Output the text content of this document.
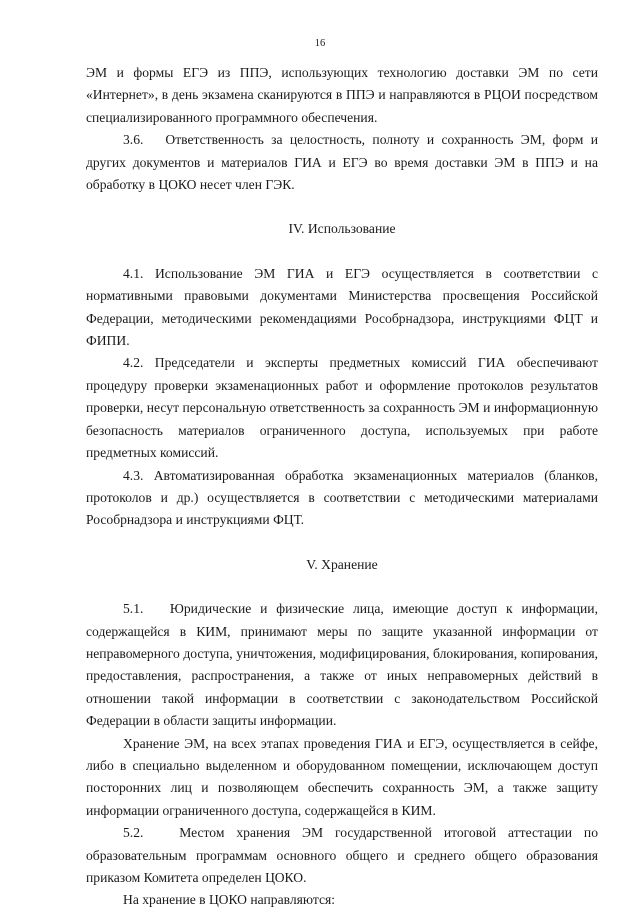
16

ЭМ и формы ЕГЭ из ППЭ, использующих технологию доставки ЭМ по сети «Интернет», в день экзамена сканируются в ППЭ и направляются в РЦОИ посредством специализированного программного обеспечения.

3.6.   Ответственность за целостность, полноту и сохранность ЭМ, форм и других документов и материалов ГИА и ЕГЭ во время доставки ЭМ в ППЭ и на обработку в ЦОКО несет член ГЭК.

IV. Использование

4.1. Использование ЭМ ГИА и ЕГЭ осуществляется в соответствии с нормативными правовыми документами Министерства просвещения Российской Федерации, методическими рекомендациями Рособрнадзора, инструкциями ФЦТ и ФИПИ.

4.2. Председатели и эксперты предметных комиссий ГИА обеспечивают процедуру проверки экзаменационных работ и оформление протоколов результатов проверки, несут персональную ответственность за сохранность ЭМ и информационную безопасность материалов ограниченного доступа, используемых при работе предметных комиссий.

4.3. Автоматизированная обработка экзаменационных материалов (бланков, протоколов и др.) осуществляется в соответствии с методическими материалами Рособрнадзора и инструкциями ФЦТ.

V. Хранение

5.1.   Юридические и физические лица, имеющие доступ к информации, содержащейся в КИМ, принимают меры по защите указанной информации от неправомерного доступа, уничтожения, модифицирования, блокирования, копирования, предоставления, распространения, а также от иных неправомерных действий в отношении такой информации в соответствии с законодательством Российской Федерации в области защиты информации.

Хранение ЭМ, на всех этапах проведения ГИА и ЕГЭ, осуществляется в сейфе, либо в специально выделенном и оборудованном помещении, исключающем доступ посторонних лиц и позволяющем обеспечить сохранность ЭМ, а также защиту информации ограниченного доступа, содержащейся в КИМ.

5.2.   Местом хранения ЭМ государственной итоговой аттестации по образовательным программам основного общего и среднего общего образования приказом Комитета определен ЦОКО.

На хранение в ЦОКО направляются:
